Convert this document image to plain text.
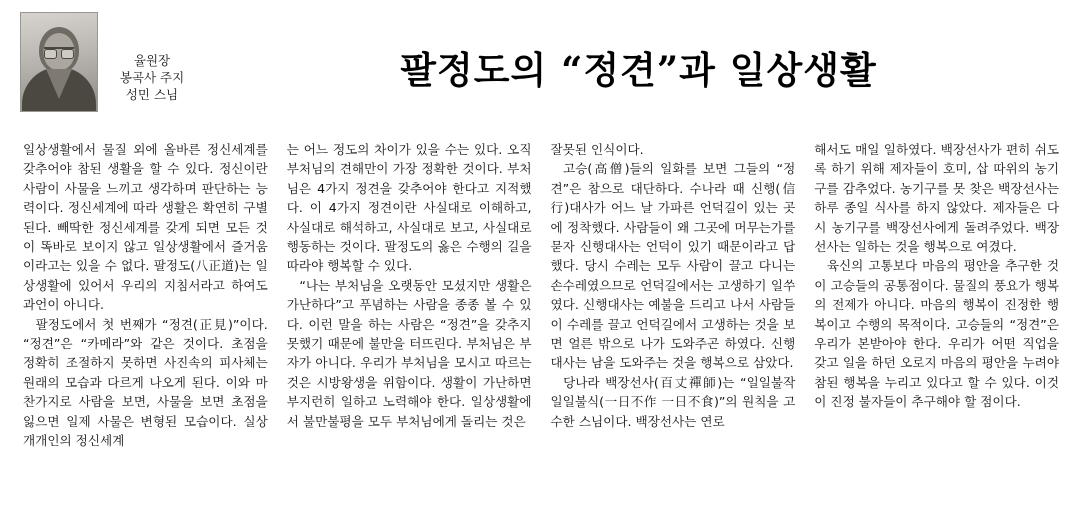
율원장
봉곡사 주지
성민 스님
팔정도의 “정견”과 일상생활

일상생활에서 물질 외에 올바른 정신세계를 갖추어야 참된 생활을 할 수 있다. 정신이란 사람이 사물을 느끼고 생각하며 판단하는 능력이다. 정신세계에 따라 생활은 확연히 구별된다. 빼딱한 정신세계를 갖게 되면 모든 것이 똑바로 보이지 않고 일상생활에서 즐거움이라고는 있을 수 없다. 팔정도(八正道)는 일상생활에 있어서 우리의 지침서라고 하여도 과언이 아니다.

팔정도에서 첫 번째가 “정견(正見)”이다. “정견”은 “카메라”와 같은 것이다. 초점을 정확히 조절하지 못하면 사진속의 피사체는 원래의 모습과 다르게 나오게 된다. 이와 마찬가지로 사람을 보면, 사물을 보면 초점을 잃으면 일제 사물은 변형된 모습이다. 실상 개개인의 정신세계

는 어느 정도의 차이가 있을 수는 있다. 오직 부처님의 견해만이 가장 정확한 것이다. 부처님은 4가지 정견을 갖추어야 한다고 지적했다. 이 4가지 정견이란 사실대로 이해하고, 사실대로 해석하고, 사실대로 보고, 사실대로 행동하는 것이다. 팔정도의 옳은 수행의 길을 따라야 행복할 수 있다.

“나는 부처님을 오랫동안 모셨지만 생활은 가난하다”고 푸념하는 사람을 종종 볼 수 있다. 이런 말을 하는 사람은 “정견”을 갖추지 못했기 때문에 불만을 터뜨린다. 부처님은 부자가 아니다. 우리가 부처님을 모시고 따르는 것은 시방왕생을 위함이다. 생활이 가난하면 부지런히 일하고 노력해야 한다. 일상생활에서 불만불평을 모두 부처님에게 돌리는 것은

잘못된 인식이다.

고승(高僧)들의 일화를 보면 그들의 “정견”은 참으로 대단하다. 수나라 때 신행(信行)대사가 어느 날 가파른 언덕길이 있는 곳에 정착했다. 사람들이 왜 그곳에 머무는가를 묻자 신행대사는 언덕이 있기 때문이라고 답했다. 당시 수레는 모두 사람이 끌고 다니는 손수레였으므로 언덕길에서는 고생하기 일쑤였다. 신행대사는 예불을 드리고 나서 사람들이 수레를 끌고 언덕길에서 고생하는 것을 보면 얼른 밖으로 나가 도와주곤 하였다. 신행대사는 남을 도와주는 것을 행복으로 삼았다.

당나라 백장선사(百丈禪師)는 “일일불작 일일불식(一日不作 一日不食)”의 원칙을 고수한 스님이다. 백장선사는 연로

해서도 매일 일하였다. 백장선사가 편히 쉬도록 하기 위해 제자들이 호미, 삽 따위의 농기구를 감추었다. 농기구를 못 찾은 백장선사는 하루 종일 식사를 하지 않았다. 제자들은 다시 농기구를 백장선사에게 돌려주었다. 백장선사는 일하는 것을 행복으로 여겼다.

육신의 고통보다 마음의 평안을 추구한 것이 고승들의 공통점이다. 물질의 풍요가 행복의 전제가 아니다. 마음의 행복이 진정한 행복이고 수행의 목적이다. 고승들의 “정견”은 우리가 본받아야 한다. 우리가 어떤 직업을 갖고 일을 하던 오로지 마음의 평안을 누려야 참된 행복을 누리고 있다고 할 수 있다. 이것이 진정 불자들이 추구해야 할 점이다.
